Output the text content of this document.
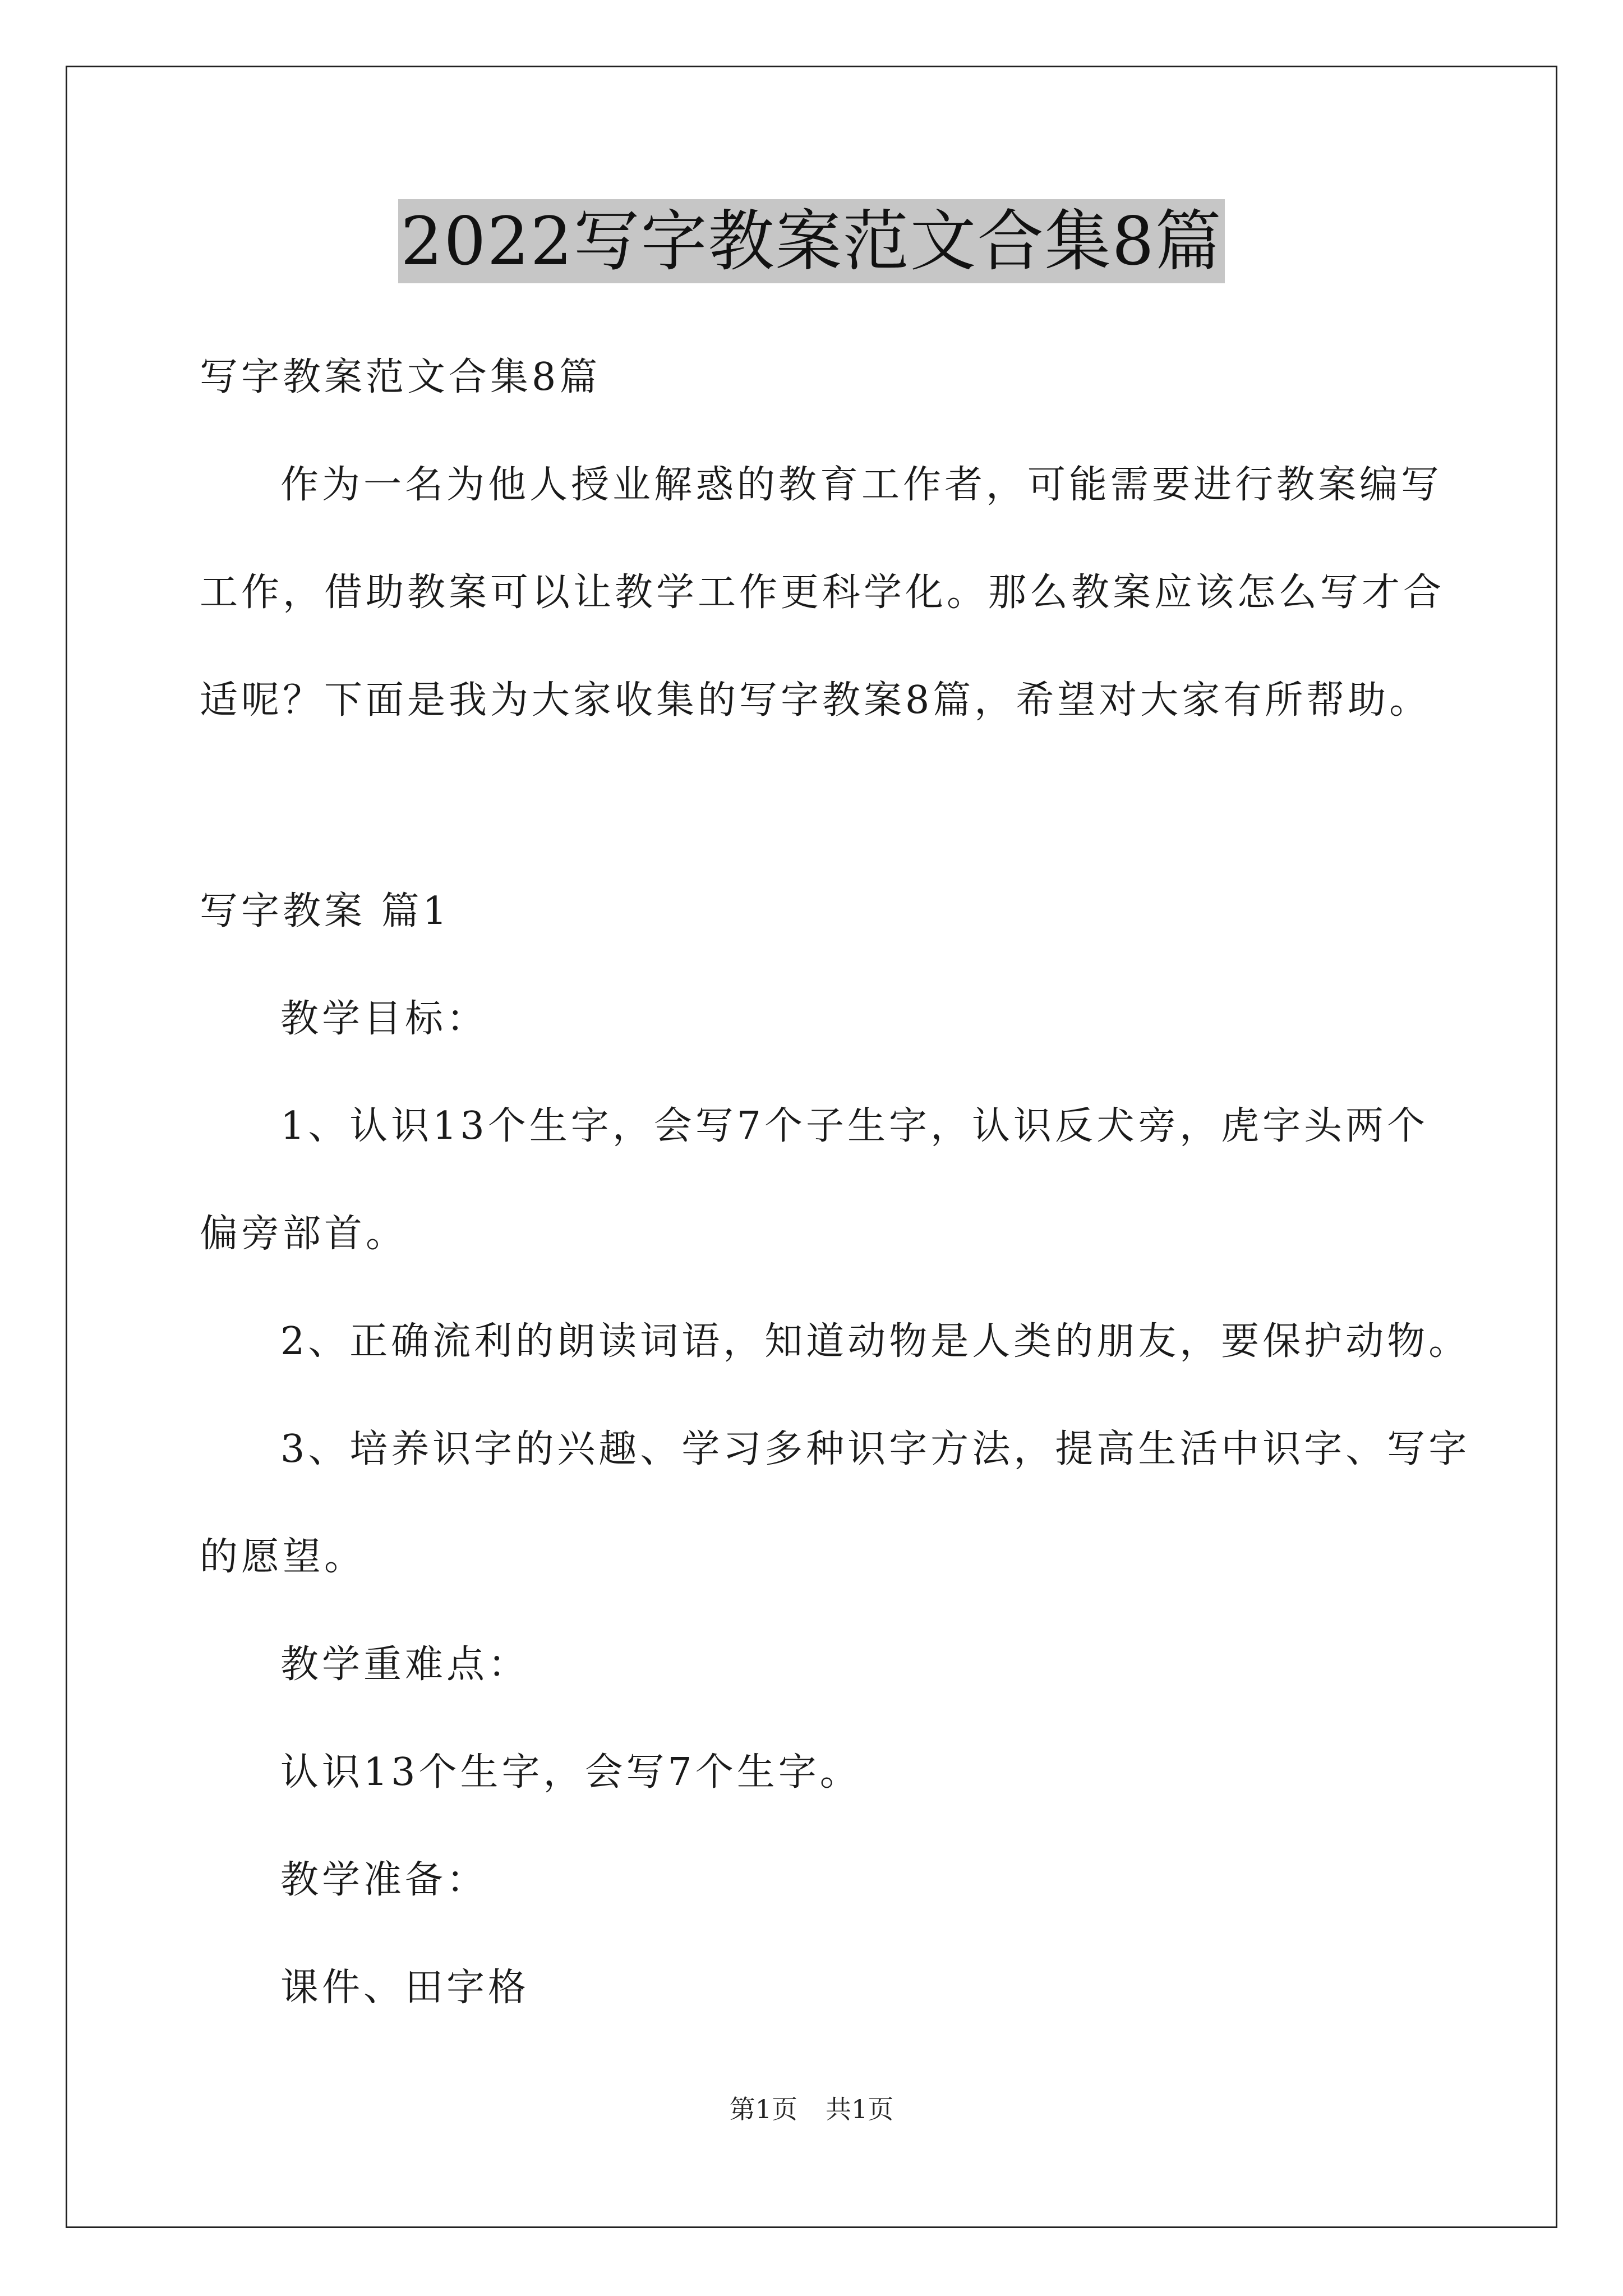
2022写字教案范文合集8篇
写字教案范文合集8篇
作为一名为他人授业解惑的教育工作者，可能需要进行教案编写
工作，借助教案可以让教学工作更科学化。那么教案应该怎么写才合
适呢？下面是我为大家收集的写字教案8篇，希望对大家有所帮助。
写字教案 篇1
教学目标：
1、认识13个生字，会写7个子生字，认识反犬旁，虎字头两个
偏旁部首。
2、正确流利的朗读词语，知道动物是人类的朋友，要保护动物。
3、培养识字的兴趣、学习多种识字方法，提高生活中识字、写字
的愿望。
教学重难点：
认识13个生字，会写7个生字。
教学准备：
课件、田字格
第1页 共1页
